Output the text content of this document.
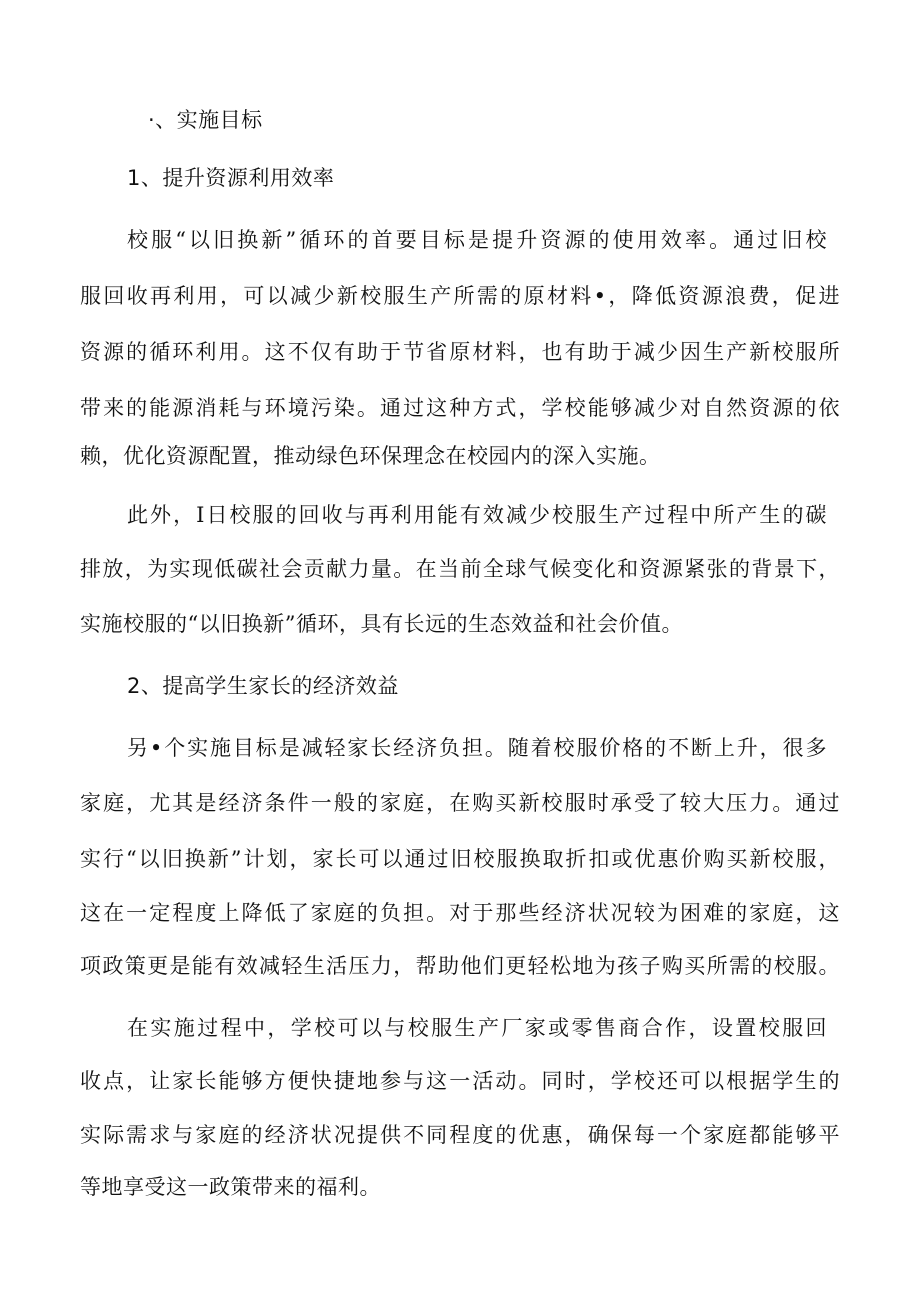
·、实施目标
1、提升资源利用效率
校服“以旧换新”循环的首要目标是提升资源的使用效率。通过旧校
服回收再利用，可以减少新校服生产所需的原材料•，降低资源浪费，促进
资源的循环利用。这不仅有助于节省原材料，也有助于减少因生产新校服所
带来的能源消耗与环境污染。通过这种方式，学校能够减少对自然资源的依
赖，优化资源配置，推动绿色环保理念在校园内的深入实施。
此外，I日校服的回收与再利用能有效减少校服生产过程中所产生的碳
排放，为实现低碳社会贡献力量。在当前全球气候变化和资源紧张的背景下，
实施校服的“以旧换新”循环，具有长远的生态效益和社会价值。
2、提高学生家长的经济效益
另•个实施目标是减轻家长经济负担。随着校服价格的不断上升，很多
家庭，尤其是经济条件一般的家庭，在购买新校服时承受了较大压力。通过
实行“以旧换新”计划，家长可以通过旧校服换取折扣或优惠价购买新校服，
这在一定程度上降低了家庭的负担。对于那些经济状况较为困难的家庭，这
项政策更是能有效减轻生活压力，帮助他们更轻松地为孩子购买所需的校服。
在实施过程中，学校可以与校服生产厂家或零售商合作，设置校服回
收点，让家长能够方便快捷地参与这一活动。同时，学校还可以根据学生的
实际需求与家庭的经济状况提供不同程度的优惠，确保每一个家庭都能够平
等地享受这一政策带来的福利。
